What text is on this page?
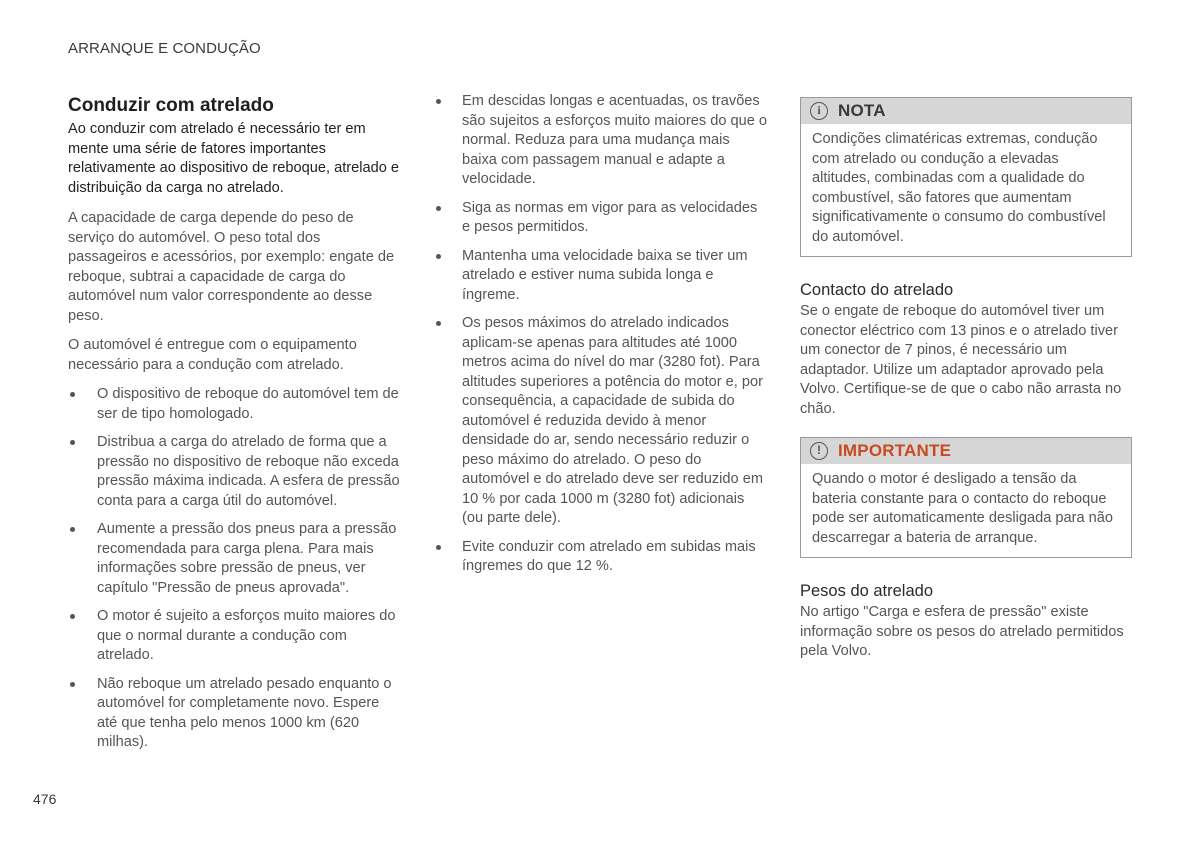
ARRANQUE E CONDUÇÃO
Conduzir com atrelado

Ao conduzir com atrelado é necessário ter em mente uma série de fatores importantes relativamente ao dispositivo de reboque, atrelado e distribuição da carga no atrelado.

A capacidade de carga depende do peso de serviço do automóvel. O peso total dos passageiros e acessórios, por exemplo: engate de reboque, subtrai a capacidade de carga do automóvel num valor correspondente ao desse peso.

O automóvel é entregue com o equipamento necessário para a condução com atrelado.

O dispositivo de reboque do automóvel tem de ser de tipo homologado.
Distribua a carga do atrelado de forma que a pressão no dispositivo de reboque não exceda pressão máxima indicada. A esfera de pressão conta para a carga útil do automóvel.
Aumente a pressão dos pneus para a pressão recomendada para carga plena. Para mais informações sobre pressão de pneus, ver capítulo "Pressão de pneus aprovada".
O motor é sujeito a esforços muito maiores do que o normal durante a condução com atrelado.
Não reboque um atrelado pesado enquanto o automóvel for completamente novo. Espere até que tenha pelo menos 1000 km (620 milhas).
Em descidas longas e acentuadas, os travões são sujeitos a esforços muito maiores do que o normal. Reduza para uma mudança mais baixa com passagem manual e adapte a velocidade.
Siga as normas em vigor para as velocidades e pesos permitidos.
Mantenha uma velocidade baixa se tiver um atrelado e estiver numa subida longa e íngreme.
Os pesos máximos do atrelado indicados aplicam-se apenas para altitudes até 1000 metros acima do nível do mar (3280 fot). Para altitudes superiores a potência do motor e, por consequência, a capacidade de subida do automóvel é reduzida devido à menor densidade do ar, sendo necessário reduzir o peso máximo do atrelado. O peso do automóvel e do atrelado deve ser reduzido em 10 % por cada 1000 m (3280 fot) adicionais (ou parte dele).
Evite conduzir com atrelado em subidas mais íngremes do que 12 %.
i	NOTA
Condições climatéricas extremas, condução com atrelado ou condução a elevadas altitudes, combinadas com a qualidade do combustível, são fatores que aumentam significativamente o consumo do combustível do automóvel.
Contacto do atrelado
Se o engate de reboque do automóvel tiver um conector eléctrico com 13 pinos e o atrelado tiver um conector de 7 pinos, é necessário um adaptador. Utilize um adaptador aprovado pela Volvo. Certifique-se de que o cabo não arrasta no chão.
!	IMPORTANTE
Quando o motor é desligado a tensão da bateria constante para o contacto do reboque pode ser automaticamente desligada para não descarregar a bateria de arranque.
Pesos do atrelado
No artigo "Carga e esfera de pressão" existe informação sobre os pesos do atrelado permitidos pela Volvo.
476
